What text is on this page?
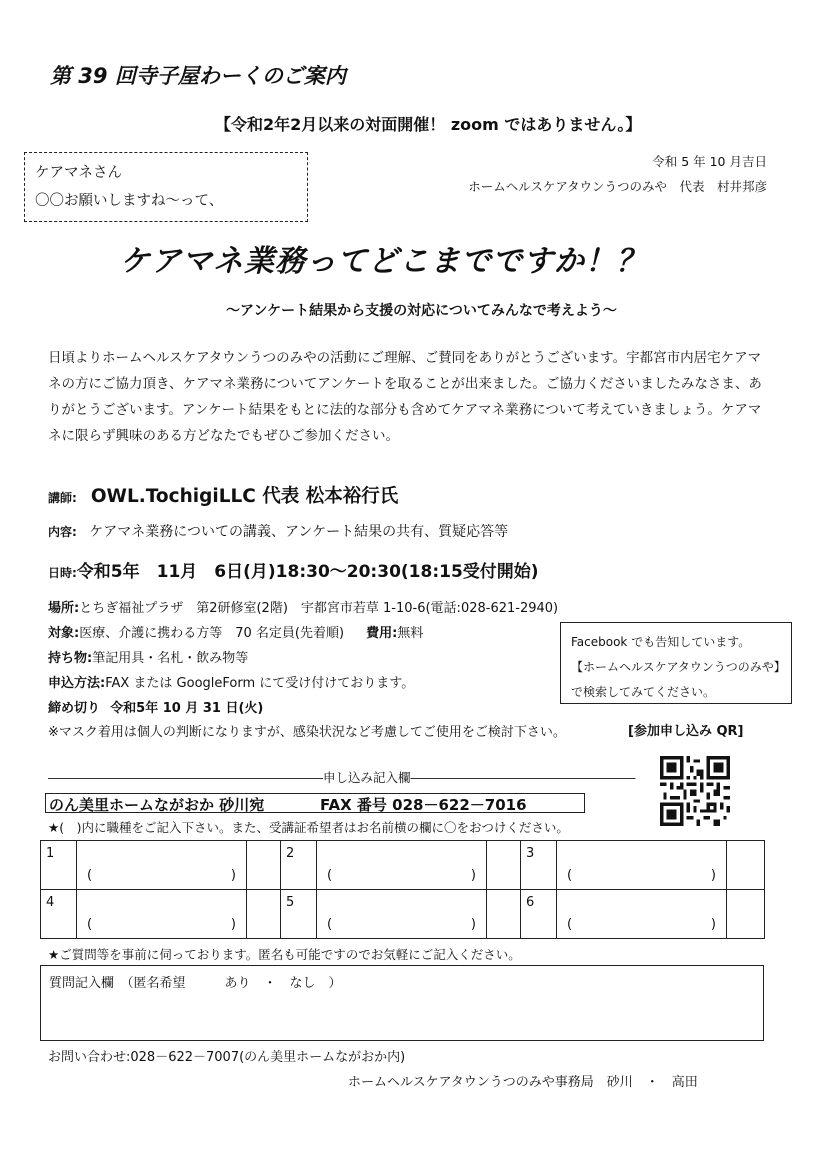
第 39 回寺子屋わーくのご案内
【令和2年2月以来の対面開催！ zoom ではありません。】
ケアマネさん
〇〇お願いしますね～って、
令和 5 年 10 月吉日
ホームヘルスケアタウンうつのみや　代表　村井邦彦
ケアマネ業務ってどこまでですか！？
～アンケート結果から支援の対応についてみんなで考えよう～
日頃よりホームヘルスケアタウンうつのみやの活動にご理解、ご賛同をありがとうございます。宇都宮市内居宅ケアマネの方にご協力頂き、ケアマネ業務についてアンケートを取ることが出来ました。ご協力くださいましたみなさま、ありがとうございます。アンケート結果をもとに法的な部分も含めてケアマネ業務について考えていきましょう。ケアマネに限らず興味のある方どなたでもぜひご参加ください。
講師: OWL.TochigiLLC 代表 松本裕行氏
内容: ケアマネ業務についての講義、アンケート結果の共有、質疑応答等
日時:令和5年　11月　6日(月)18:30～20:30(18:15受付開始)
場所:とちぎ福祉プラザ　第2研修室(2階)　宇都宮市若草 1-10-6(電話:028-621-2940)
対象:医療、介護に携わる方等　70 名定員(先着順) 費用:無料
持ち物:筆記用具・名札・飲み物等
申込方法:FAX または GoogleForm にて受け付けております。
締め切り 令和5年 10 月 31 日(火)
※マスク着用は個人の判断になりますが、感染状況など考慮してご使用をご検討下さい。
Facebook でも告知しています。
【ホームヘルスケアタウンうつのみや】
で検索してみてください。
[参加申し込み QR]
――――――――――――――――――――――申し込み記入欄――――――――――――――――――
のん美里ホームながおか 砂川宛	FAX 番号 028－622－7016
★(　)内に職種をご記入下さい。また、受講証希望者はお名前横の欄に〇をおつけください。
1	( )		2	( )		3	( )	

4	( )		5	( )		6	( )	

★ご質問等を事前に伺っております。匿名も可能ですのでお気軽にご記入ください。
質問記入欄　（匿名希望　　　あり　・　なし　）
お問い合わせ:028－622－7007(のん美里ホームながおか内)
ホームヘルスケアタウンうつのみや事務局　砂川　・　高田
